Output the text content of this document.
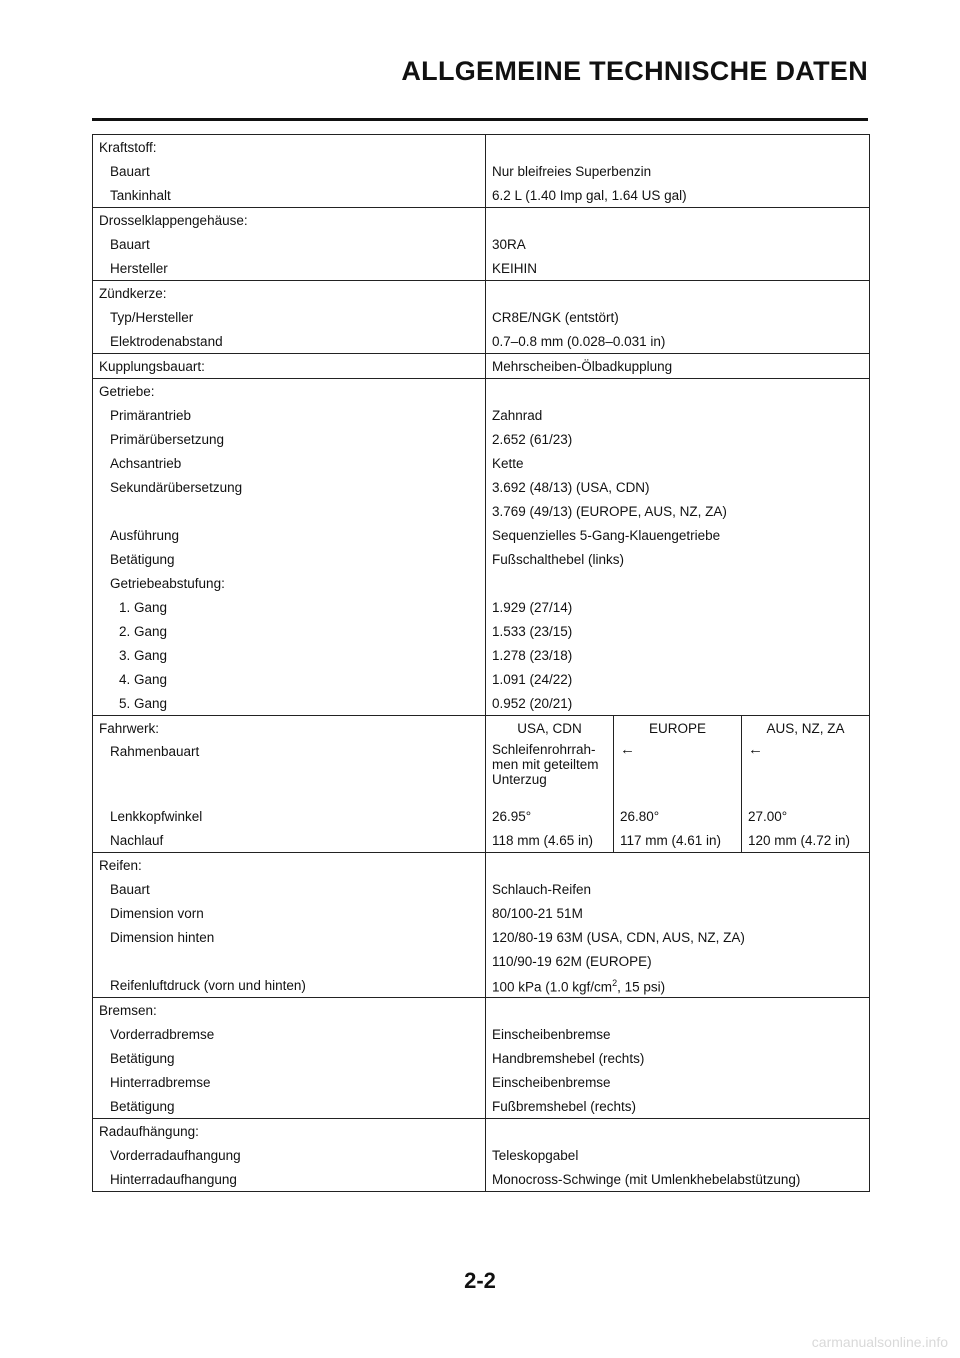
ALLGEMEINE TECHNISCHE DATEN
Kraftstoff:			
Bauart	Nur bleifreies Superbenzin		
Tankinhalt	6.2 L (1.40 Imp gal, 1.64 US gal)		
Drosselklappengehäuse:			
Bauart	30RA		
Hersteller	KEIHIN		
Zündkerze:			
Typ/Hersteller	CR8E/NGK (entstört)		
Elektrodenabstand	0.7–0.8 mm (0.028–0.031 in)		
Kupplungsbauart:	Mehrscheiben-Ölbadkupplung		
Getriebe:			
Primärantrieb	Zahnrad		
Primärübersetzung	2.652 (61/23)		
Achsantrieb	Kette		
Sekundärübersetzung	3.692 (48/13) (USA, CDN)		
	3.769 (49/13) (EUROPE, AUS, NZ, ZA)		
Ausführung	Sequenzielles 5-Gang-Klauengetriebe		
Betätigung	Fußschalthebel (links)		
Getriebeabstufung:			
1. Gang	1.929 (27/14)		
2. Gang	1.533 (23/15)		
3. Gang	1.278 (23/18)		
4. Gang	1.091 (24/22)		
5. Gang	0.952 (20/21)		
Fahrwerk:	USA, CDN	EUROPE	AUS, NZ, ZA
Rahmenbauart	Schleifenrohrrah-men mit geteiltem Unterzug	←	←
Lenkkopfwinkel	26.95°	26.80°	27.00°
Nachlauf	118 mm (4.65 in)	117 mm (4.61 in)	120 mm (4.72 in)
Reifen:			
Bauart	Schlauch-Reifen		
Dimension vorn	80/100-21 51M		
Dimension hinten	120/80-19 63M (USA, CDN, AUS, NZ, ZA)		
	110/90-19 62M (EUROPE)		
Reifenluftdruck (vorn und hinten)	100 kPa (1.0 kgf/$cm^2$, 15 psi)		
Bremsen:			
Vorderradbremse	Einscheibenbremse		
Betätigung	Handbremshebel (rechts)		
Hinterradbremse	Einscheibenbremse		
Betätigung	Fußbremshebel (rechts)		
Radaufhängung:			
Vorderradaufhangung	Teleskopgabel		
Hinterradaufhangung	Monocross-Schwinge (mit Umlenkhebelabstützung)		
2-2
carmanualsonline.info
